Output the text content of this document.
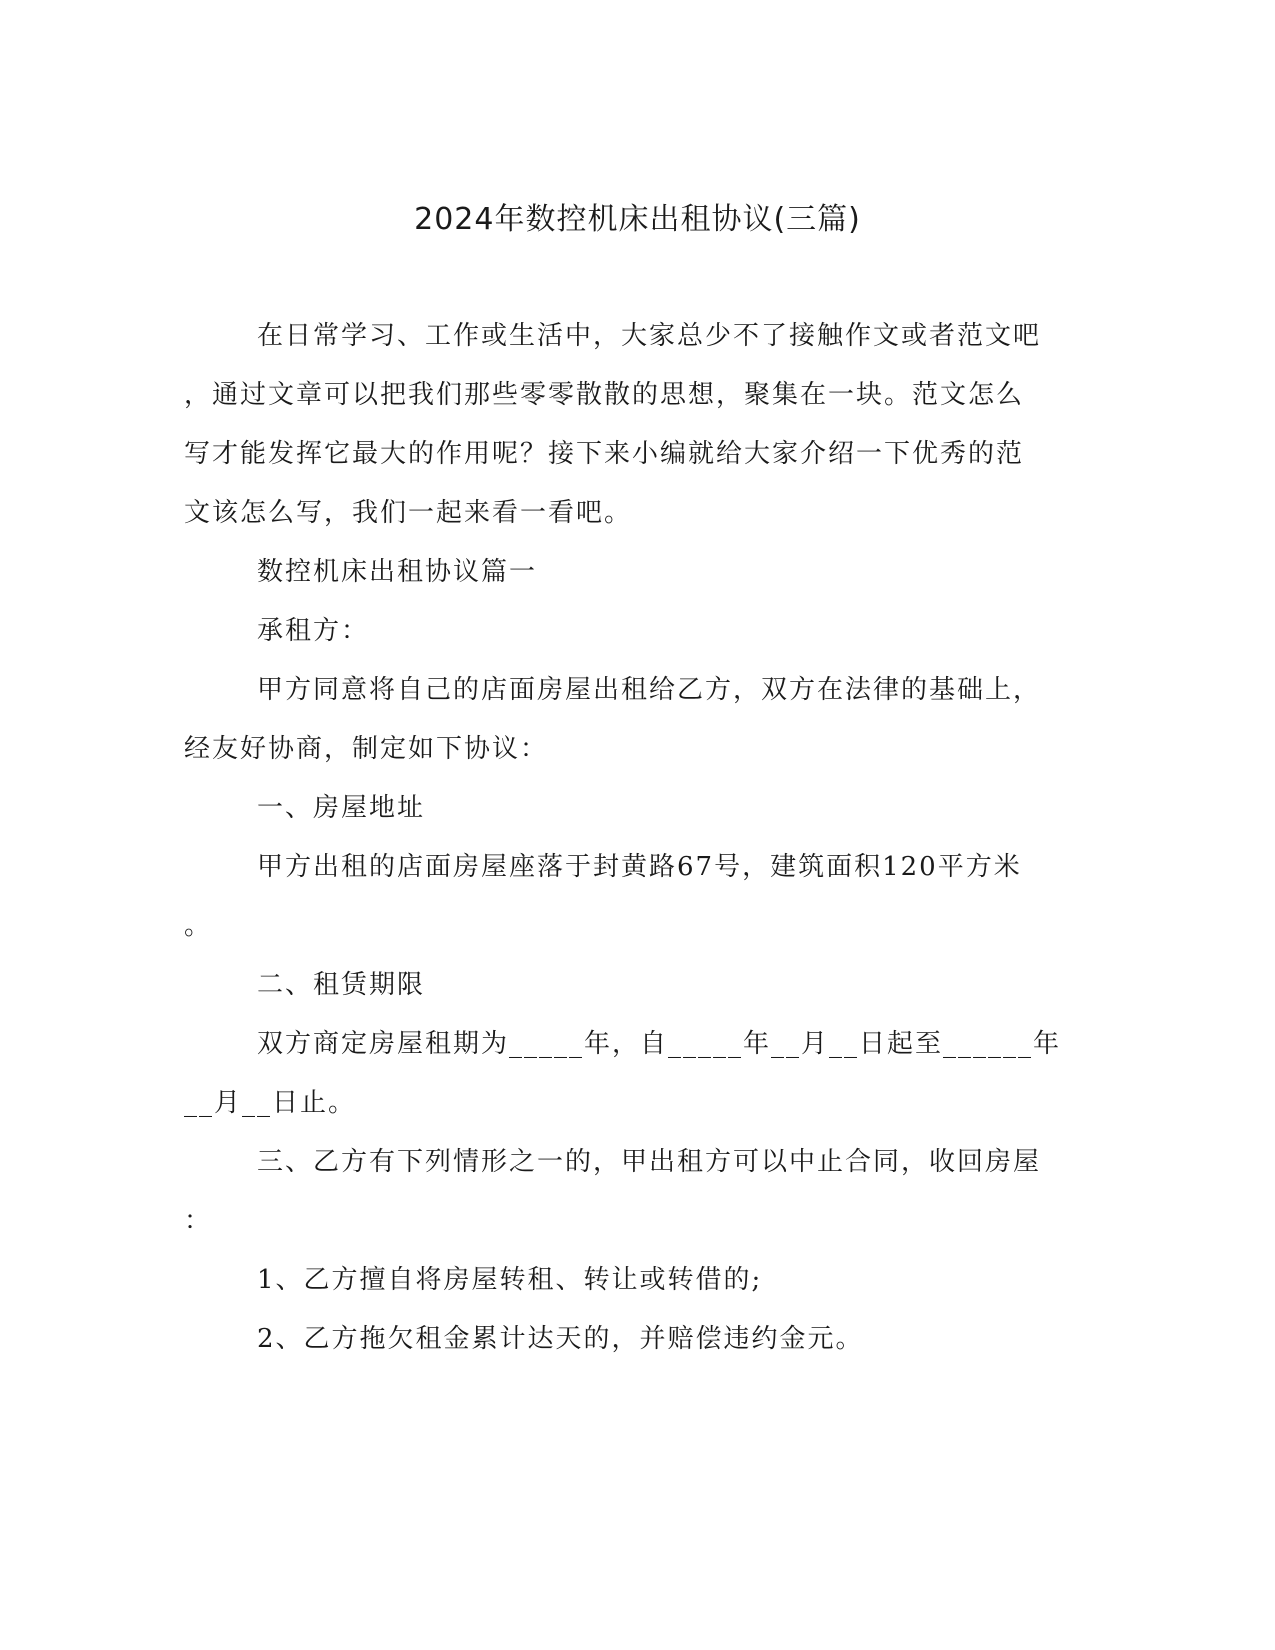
2024年数控机床出租协议(三篇)
在日常学习、工作或生活中，大家总少不了接触作文或者范文吧
，通过文章可以把我们那些零零散散的思想，聚集在一块。范文怎么
写才能发挥它最大的作用呢？接下来小编就给大家介绍一下优秀的范
文该怎么写，我们一起来看一看吧。
数控机床出租协议篇一
承租方：
甲方同意将自己的店面房屋出租给乙方，双方在法律的基础上，
经友好协商，制定如下协议：
一、房屋地址
甲方出租的店面房屋座落于封黄路67号，建筑面积120平方米
。
二、租赁期限
双方商定房屋租期为_____年，自_____年__月__日起至______年
__月__日止。
三、乙方有下列情形之一的，甲出租方可以中止合同，收回房屋
：
1、乙方擅自将房屋转租、转让或转借的;
2、乙方拖欠租金累计达天的，并赔偿违约金元。
